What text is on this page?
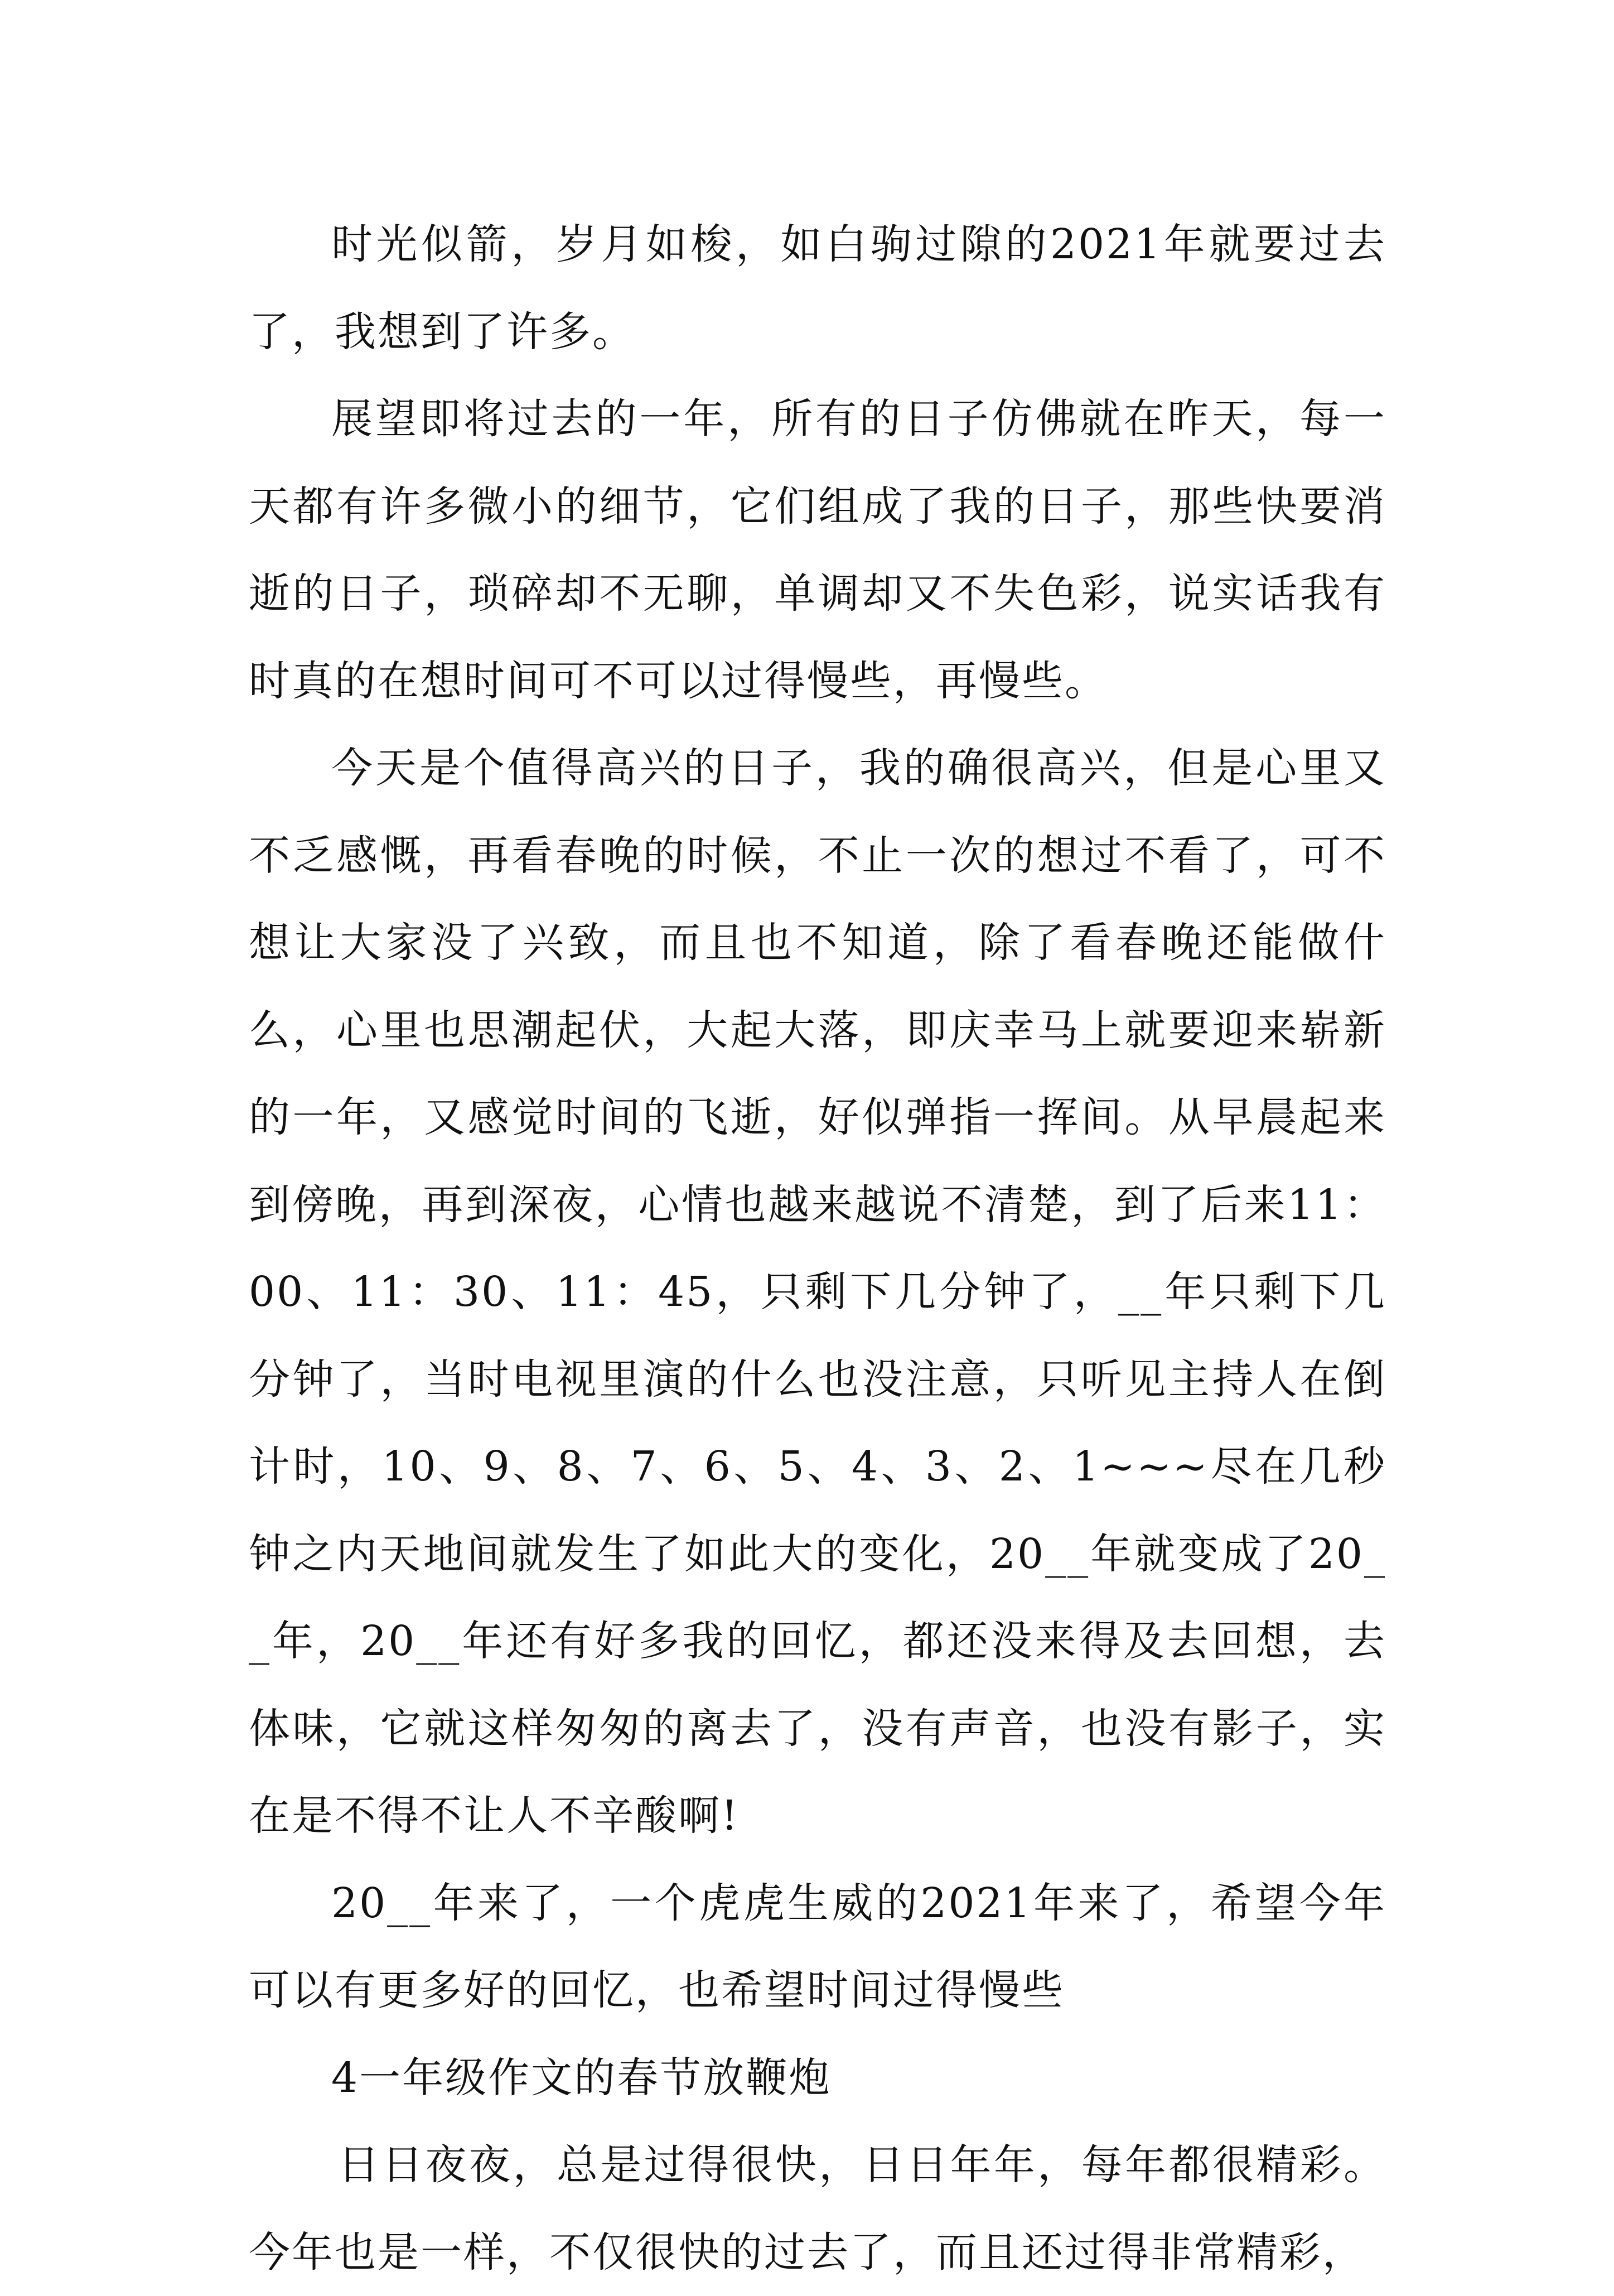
时光似箭，岁月如梭，如白驹过隙的2021年就要过去了，我想到了许多。

展望即将过去的一年，所有的日子仿佛就在昨天，每一天都有许多微小的细节，它们组成了我的日子，那些快要消逝的日子，琐碎却不无聊，单调却又不失色彩，说实话我有时真的在想时间可不可以过得慢些，再慢些。

今天是个值得高兴的日子，我的确很高兴，但是心里又不乏感慨，再看春晚的时候，不止一次的想过不看了，可不想让大家没了兴致，而且也不知道，除了看春晚还能做什么，心里也思潮起伏，大起大落，即庆幸马上就要迎来崭新的一年，又感觉时间的飞逝，好似弹指一挥间。从早晨起来到傍晚，再到深夜，心情也越来越说不清楚，到了后来11：00、11：30、11：45，只剩下几分钟了，__年只剩下几分钟了，当时电视里演的什么也没注意，只听见主持人在倒计时，10、9、8、7、6、5、4、3、2、1~~~尽在几秒钟之内天地间就发生了如此大的变化，20__年就变成了20__年，20__年还有好多我的回忆，都还没来得及去回想，去体味，它就这样匆匆的离去了，没有声音，也没有影子，实在是不得不让人不辛酸啊!

20__年来了，一个虎虎生威的2021年来了，希望今年可以有更多好的回忆，也希望时间过得慢些

4一年级作文的春节放鞭炮

日日夜夜，总是过得很快，日日年年，每年都很精彩。今年也是一样，不仅很快的过去了，而且还过得非常精彩，
